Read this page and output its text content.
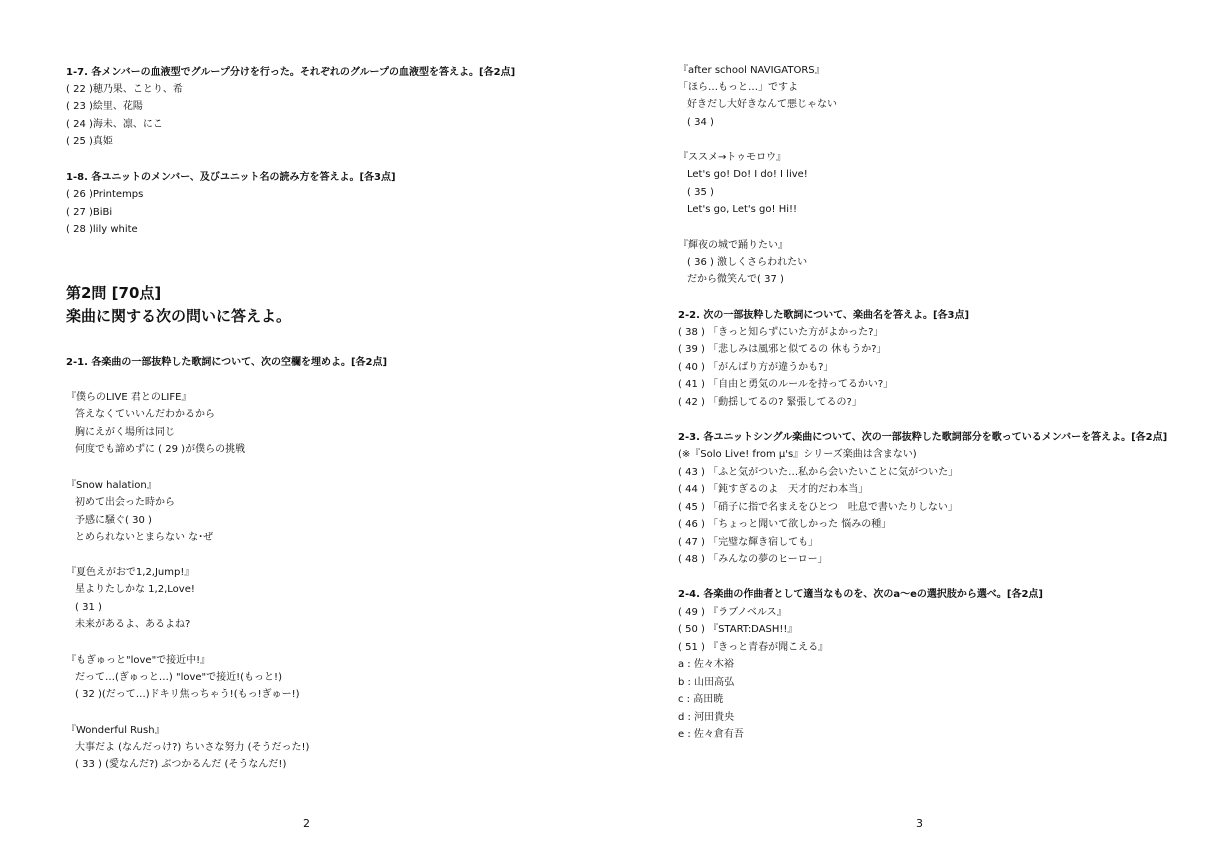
1-7. 各メンバーの血液型でグループ分けを行った。それぞれのグループの血液型を答えよ。[各2点]
( 22 )穂乃果、ことり、希
( 23 )絵里、花陽
( 24 )海未、凛、にこ
( 25 )真姫
1-8. 各ユニットのメンバー、及びユニット名の読み方を答えよ。[各3点]
( 26 )Printemps
( 27 )BiBi
( 28 )lily white
第2問 [70点]
楽曲に関する次の問いに答えよ。
2-1. 各楽曲の一部抜粋した歌詞について、次の空欄を埋めよ。[各2点]
『僕らのLIVE 君とのLIFE』
答えなくていいんだわかるから
胸にえがく場所は同じ
何度でも諦めずに ( 29 )が僕らの挑戦
『Snow halation』
初めて出会った時から
予感に騒ぐ( 30 )
とめられないとまらない な･ぜ
『夏色えがおで1,2,Jump!』
星よりたしかな 1,2,Love!
( 31 )
未来があるよ、あるよね?
『もぎゅっと"love"で接近中!』
だって…(ぎゅっと…) "love"で接近!(もっと!)
( 32 )(だって…)ドキリ焦っちゃう!(もっ!ぎゅー!)
『Wonderful Rush』
大事だよ (なんだっけ?) ちいさな努力 (そうだった!)
( 33 ) (愛なんだ?) ぶつかるんだ (そうなんだ!)
2
『after school NAVIGATORS』
「ほら…もっと…」ですよ
好きだし大好きなんて悪じゃない
( 34 )
『ススメ→トゥモロウ』
Let's go! Do! I do! I live!
( 35 )
Let's go, Let's go! Hi!!
『輝夜の城で踊りたい』
( 36 ) 激しくさらわれたい
だから微笑んで( 37 )
2-2. 次の一部抜粋した歌詞について、楽曲名を答えよ。[各3点]
( 38 ) 「きっと知らずにいた方がよかった?」
( 39 ) 「悲しみは風邪と似てるの 休もうか?」
( 40 ) 「がんばり方が違うかも?」
( 41 ) 「自由と勇気のルールを持ってるかい?」
( 42 ) 「動揺してるの? 緊張してるの?」
2-3. 各ユニットシングル楽曲について、次の一部抜粋した歌詞部分を歌っているメンバーを答えよ。[各2点]
(※『Solo Live! from μ's』シリーズ楽曲は含まない)
( 43 ) 「ふと気がついた…私から会いたいことに気がついた」
( 44 ) 「鈍すぎるのよ　天才的だわ本当」
( 45 ) 「硝子に指で名まえをひとつ　吐息で書いたりしない」
( 46 ) 「ちょっと聞いて欲しかった 悩みの種」
( 47 ) 「完璧な輝き宿しても」
( 48 ) 「みんなの夢のヒーロー」
2-4. 各楽曲の作曲者として適当なものを、次のa〜eの選択肢から選べ。[各2点]
( 49 ) 『ラブノベルス』
( 50 ) 『START:DASH!!』
( 51 ) 『きっと青春が聞こえる』
a : 佐々木裕
b : 山田高弘
c : 高田暁
d : 河田貴央
e : 佐々倉有吾
3
